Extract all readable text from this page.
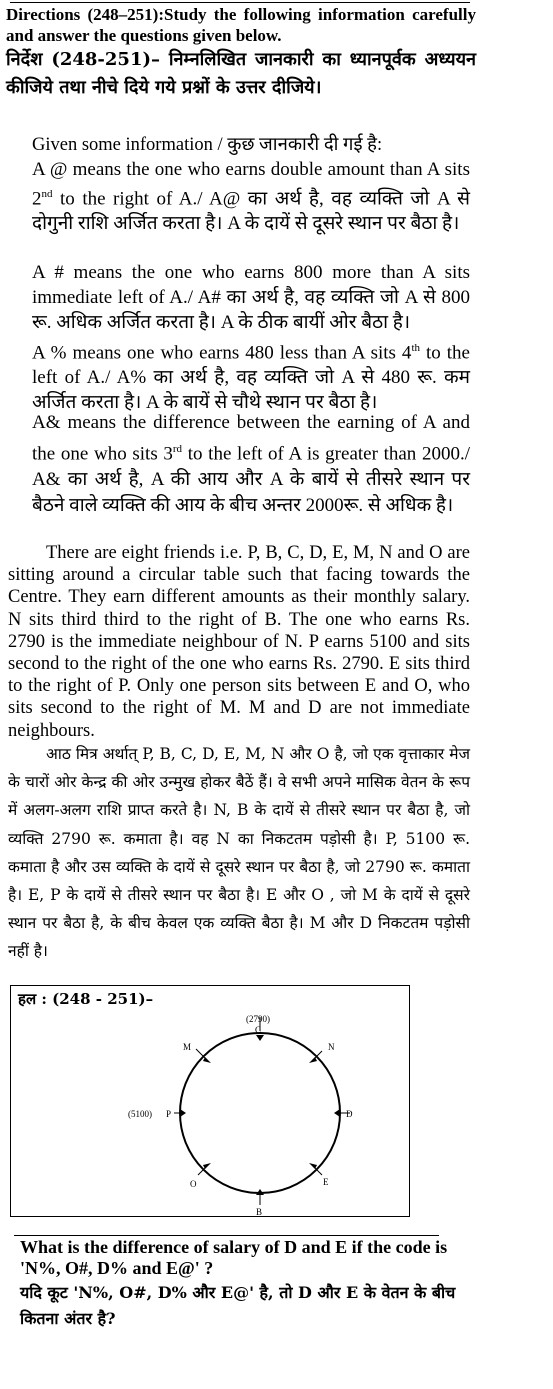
Directions (248–251):Study the following information carefully and answer the questions given below.
निर्देश (248-251)– निम्नलिखित जानकारी का ध्यानपूर्वक अध्ययन कीजिये तथा नीचे दिये गये प्रश्नों के उत्तर दीजिये।
Given some information / कुछ जानकारी दी गई है:
A @ means the one who earns double amount than A sits 2nd to the right of A./ A@ का अर्थ है, वह व्यक्ति जो A से दोगुनी राशि अर्जित करता है। A के दायें से दूसरे स्थान पर बैठा है।
A # means the one who earns 800 more than A sits immediate left of A./ A# का अर्थ है, वह व्यक्ति जो A से 800 रू. अधिक अर्जित करता है। A के ठीक बायीं ओर बैठा है।
A % means one who earns 480 less than A sits 4th to the left of A./ A% का अर्थ है, वह व्यक्ति जो A से 480 रू. कम अर्जित करता है। A के बायें से चौथे स्थान पर बैठा है।
A& means the difference between the earning of A and the one who sits 3rd to the left of A is greater than 2000./ A& का अर्थ है, A की आय और A के बायें से तीसरे स्थान पर बैठने वाले व्यक्ति की आय के बीच अन्तर 2000रू. से अधिक है।
There are eight friends i.e. P, B, C, D, E, M, N and O are sitting around a circular table such that facing towards the Centre. They earn different amounts as their monthly salary. N sits third third to the right of B. The one who earns Rs. 2790 is the immediate neighbour of N. P earns 5100 and sits second to the right of the one who earns Rs. 2790. E sits third to the right of P. Only one person sits between E and O, who sits second to the right of M. M and D are not immediate neighbours.
आठ मित्र अर्थात् P, B, C, D, E, M, N और O है, जो एक वृत्ताकार मेज के चारों ओर केन्द्र की ओर उन्मुख होकर बैठें हैं। वे सभी अपने मासिक वेतन के रूप में अलग-अलग राशि प्राप्त करते है। N, B के दायें से तीसरे स्थान पर बैठा है, जो व्यक्ति 2790 रू. कमाता है। वह N का निकटतम पड़ोसी है। P, 5100 रू. कमाता है और उस व्यक्ति के दायें से दूसरे स्थान पर बैठा है, जो 2790 रू. कमाता है। E, P के दायें से तीसरे स्थान पर बैठा है। E और O , जो M के दायें से दूसरे स्थान पर बैठा है, के बीच केवल एक व्यक्ति बैठा है। M और D निकटतम पड़ोसी नहीं है।
हल : (248 - 251)–
(2790)
C
N
D
E
B
O
(5100) P
M
What is the difference of salary of D and E if the code is 'N%, O#, D% and E@' ?
यदि कूट 'N%, O#, D% और E@' है, तो D और E के वेतन के बीच कितना अंतर है?
